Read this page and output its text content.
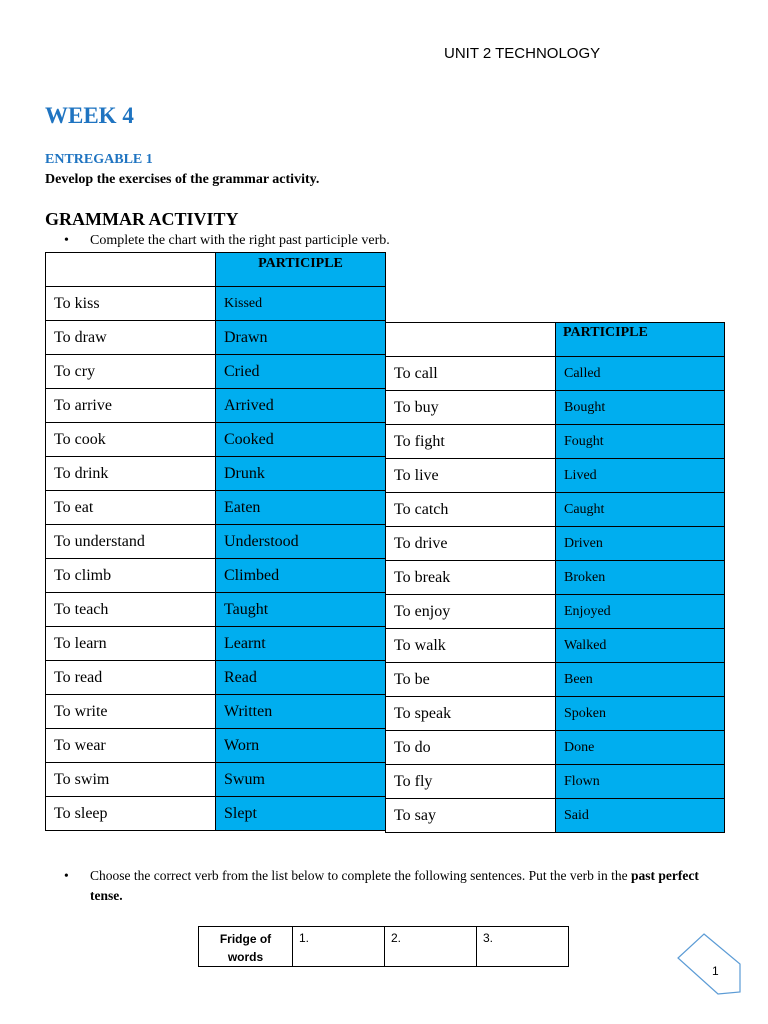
UNIT 2 TECHNOLOGY
WEEK 4
ENTREGABLE 1
Develop the exercises of the grammar activity.
GRAMMAR ACTIVITY
• Complete the chart with the right past participle verb.
	PARTICIPLE
To kiss	Kissed
To draw	Drawn
To cry	Cried
To arrive	Arrived
To cook	Cooked
To drink	Drunk
To eat	Eaten
To understand	Understood
To climb	Climbed
To teach	Taught
To learn	Learnt
To read	Read
To write	Written
To wear	Worn
To swim	Swum
To sleep	Slept
	PARTICIPLE
To call	Called
To buy	Bought
To fight	Fought
To live	Lived
To catch	Caught
To drive	Driven
To break	Broken
To enjoy	Enjoyed
To walk	Walked
To be	Been
To speak	Spoken
To do	Done
To fly	Flown
To say	Said
• Choose the correct verb from the list below to complete the following sentences. Put the verb in the past perfect tense.
Fridge of
words	1.	2.	3.
1
